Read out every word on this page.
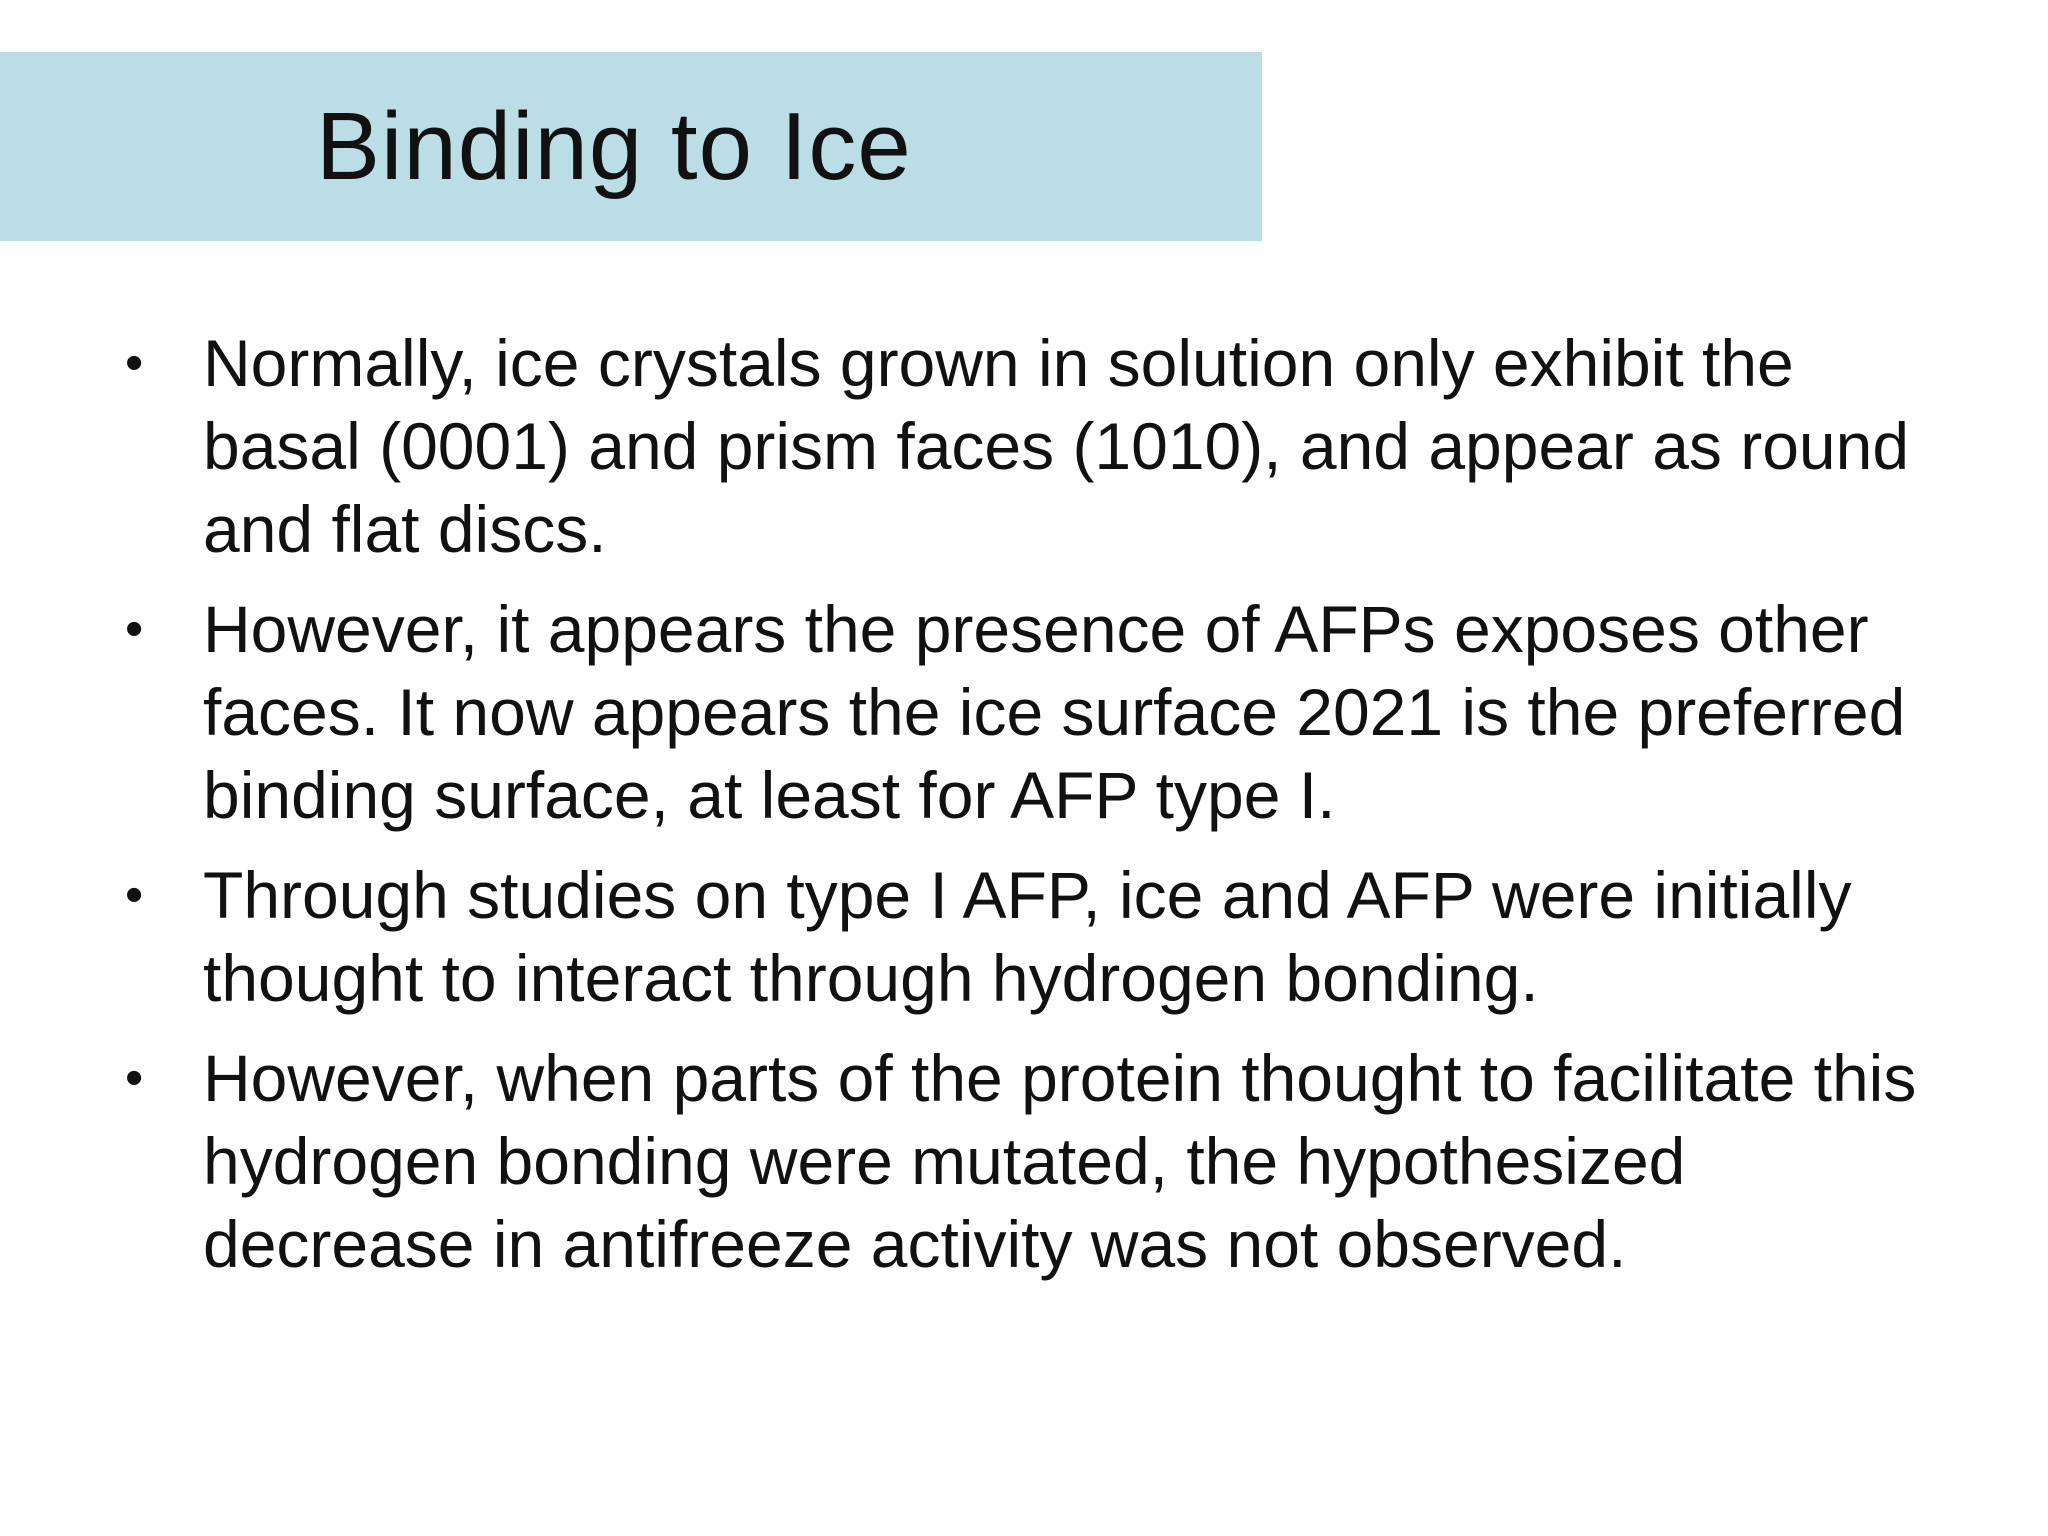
Binding to Ice
• Normally, ice crystals grown in solution only exhibit the
basal (0001) and prism faces (1010), and appear as round
and flat discs.
• However, it appears the presence of AFPs exposes other
faces. It now appears the ice surface 2021 is the preferred
binding surface, at least for AFP type I.
• Through studies on type I AFP, ice and AFP were initially
thought to interact through hydrogen bonding.
• However, when parts of the protein thought to facilitate this
hydrogen bonding were mutated, the hypothesized
decrease in antifreeze activity was not observed.
